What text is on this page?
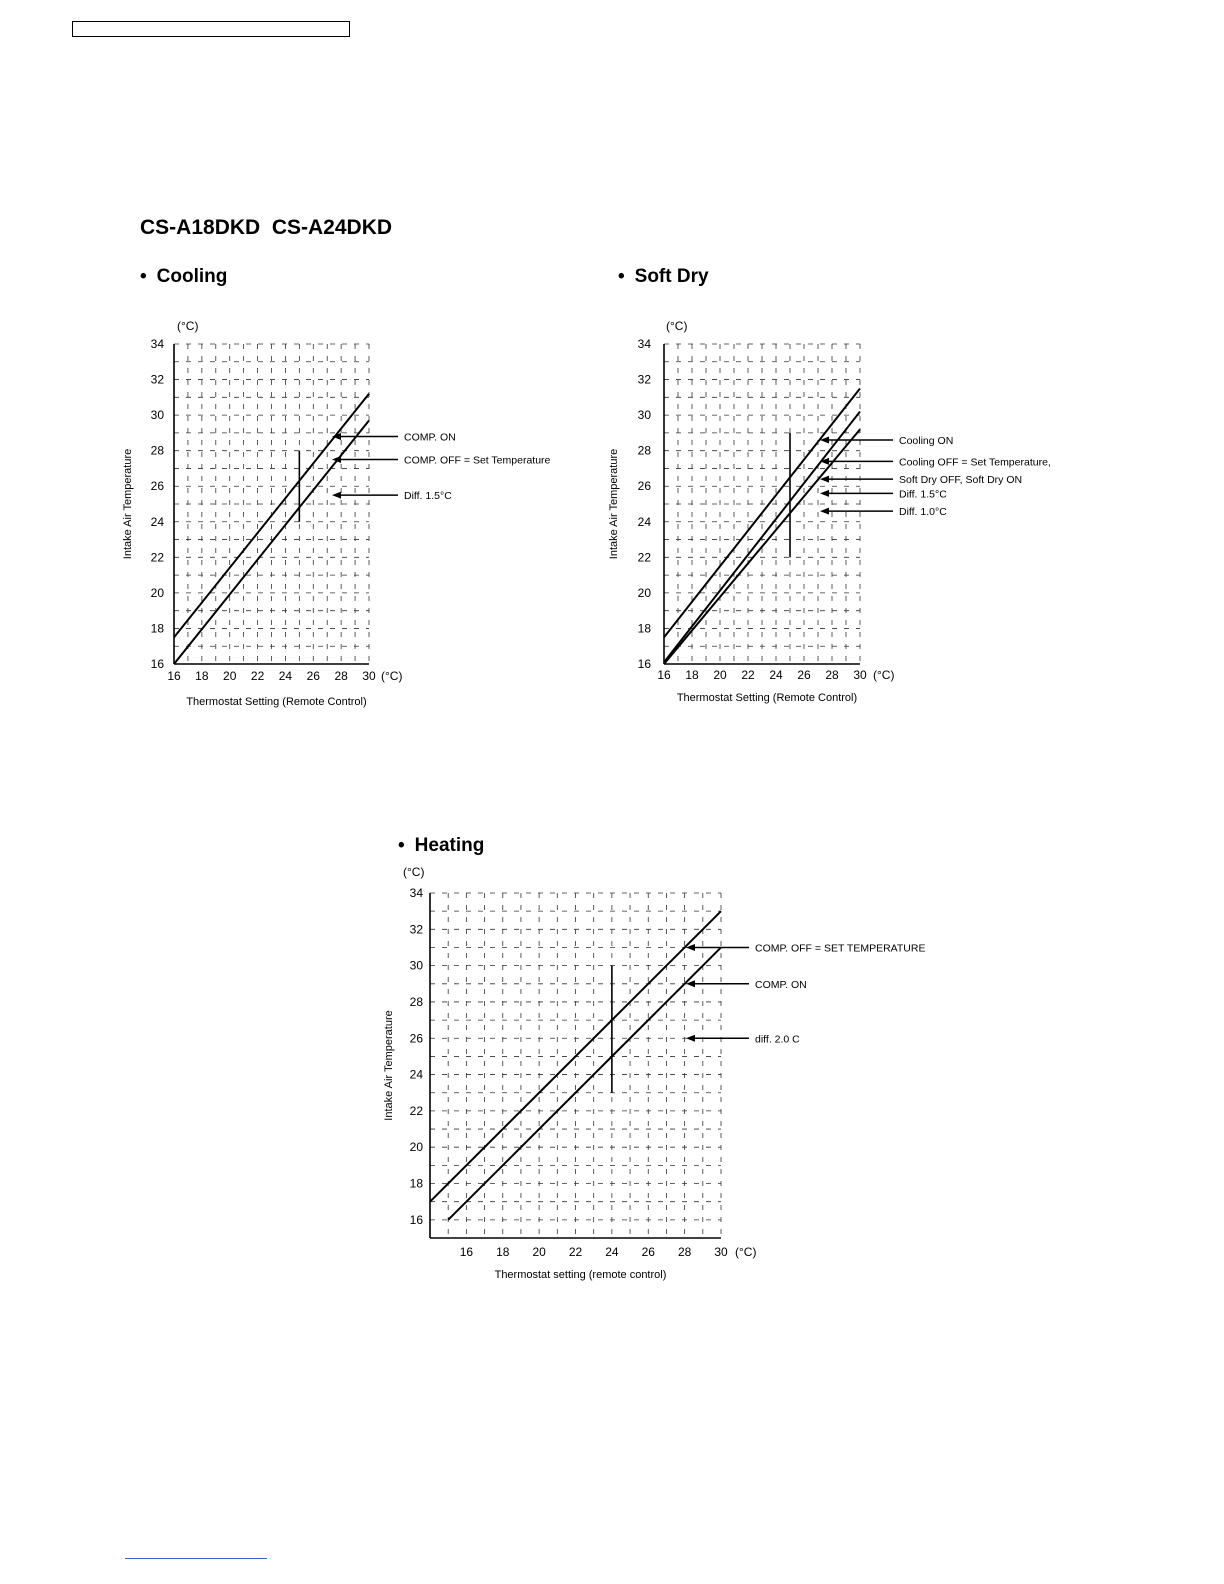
CS-A18DKD  CS-A24DKD
• Cooling	• Soft Dry
• Heating
16
18
20
22
24
26
28
30
32
34
16 18 20 22 24 26 28 30 (°C)
(°C)
Thermostat Setting (Remote Control)
Intake Air Temperature
COMP. ON
COMP. OFF = Set Temperature
Diff. 1.5°C
16
18
20
22
24
26
28
30
32
34
16 18 20 22 24 26 28 30 (°C)
(°C)
Thermostat Setting (Remote Control)
Intake Air Temperature
Cooling ON
Cooling OFF = Set Temperature,
Soft Dry OFF, Soft Dry ON
Diff. 1.5°C
Diff. 1.0°C
16
18
20
22
24
26
28
30
32
34
16 18 20 22 24 26 28 30 (°C)
(°C)
Thermostat setting (remote control)
Intake Air Temperature
COMP. OFF = SET TEMPERATURE
COMP. ON
diff. 2.0 C
